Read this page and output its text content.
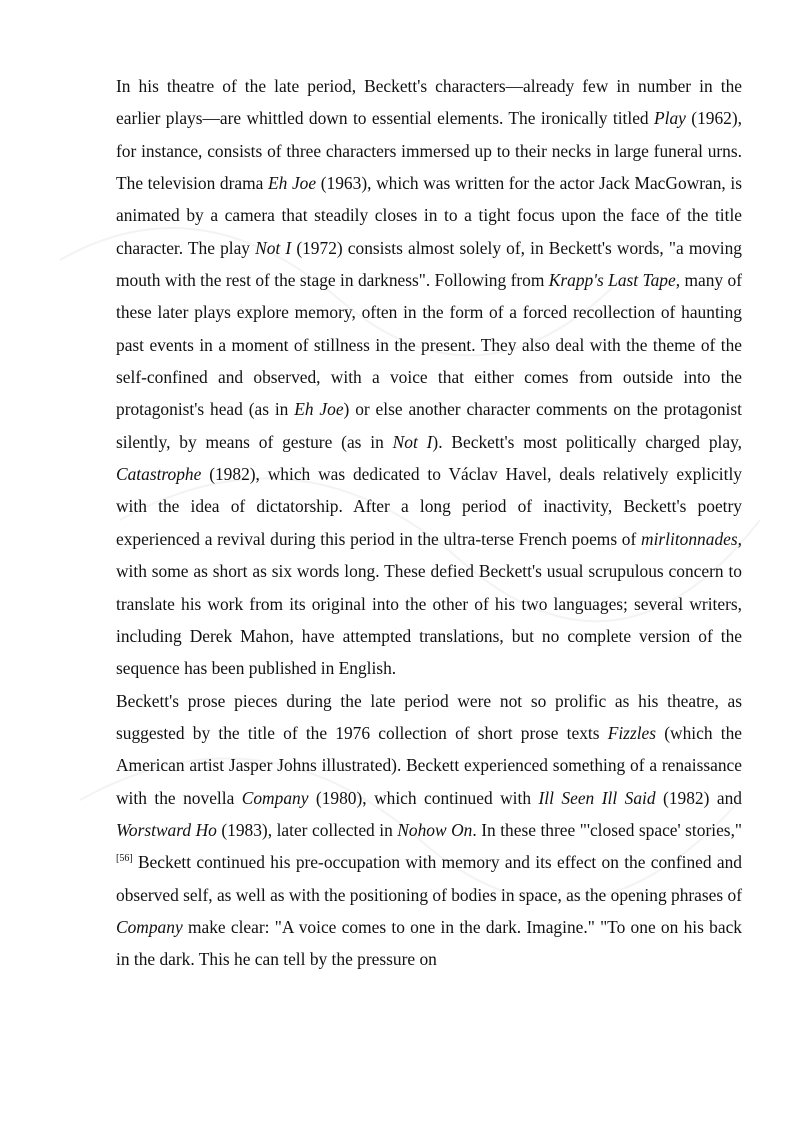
In his theatre of the late period, Beckett's characters—already few in number in the earlier plays—are whittled down to essential elements. The ironically titled Play (1962), for instance, consists of three characters immersed up to their necks in large funeral urns. The television drama Eh Joe (1963), which was written for the actor Jack MacGowran, is animated by a camera that steadily closes in to a tight focus upon the face of the title character. The play Not I (1972) consists almost solely of, in Beckett's words, "a moving mouth with the rest of the stage in darkness". Following from Krapp's Last Tape, many of these later plays explore memory, often in the form of a forced recollection of haunting past events in a moment of stillness in the present. They also deal with the theme of the self-confined and observed, with a voice that either comes from outside into the protagonist's head (as in Eh Joe) or else another character comments on the protagonist silently, by means of gesture (as in Not I). Beckett's most politically charged play, Catastrophe (1982), which was dedicated to Václav Havel, deals relatively explicitly with the idea of dictatorship. After a long period of inactivity, Beckett's poetry experienced a revival during this period in the ultra-terse French poems of mirlitonnades, with some as short as six words long. These defied Beckett's usual scrupulous concern to translate his work from its original into the other of his two languages; several writers, including Derek Mahon, have attempted translations, but no complete version of the sequence has been published in English.

Beckett's prose pieces during the late period were not so prolific as his theatre, as suggested by the title of the 1976 collection of short prose texts Fizzles (which the American artist Jasper Johns illustrated). Beckett experienced something of a renaissance with the novella Company (1980), which continued with Ill Seen Ill Said (1982) and Worstward Ho (1983), later collected in Nohow On. In these three "'closed space' stories,"[56] Beckett continued his pre-occupation with memory and its effect on the confined and observed self, as well as with the positioning of bodies in space, as the opening phrases of Company make clear: "A voice comes to one in the dark. Imagine." "To one on his back in the dark. This he can tell by the pressure on
